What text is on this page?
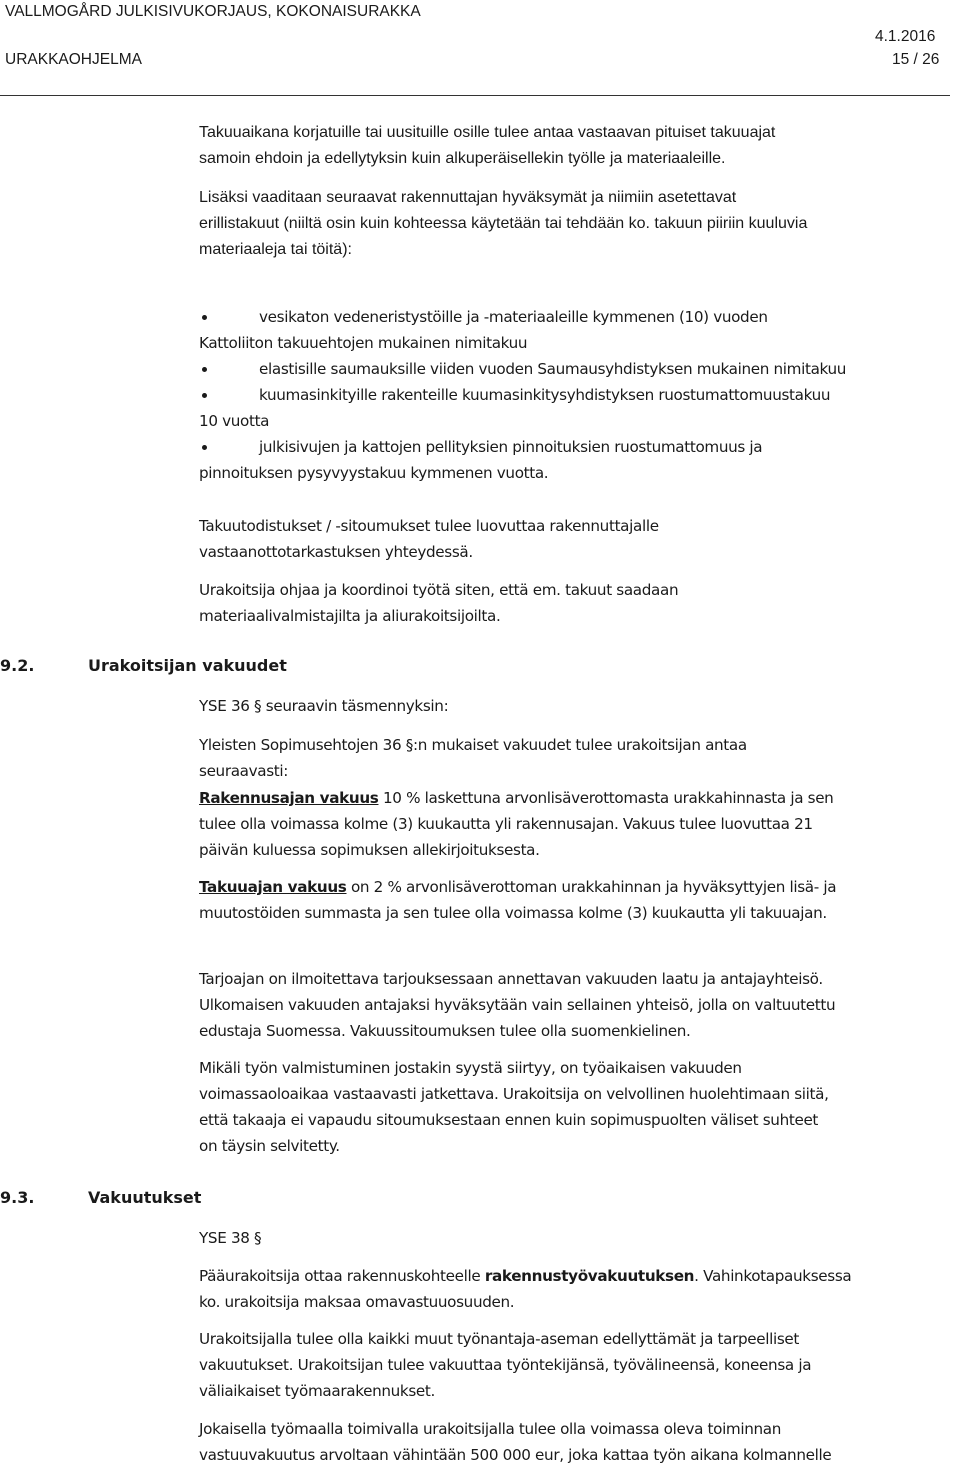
VALLMOGÅRD JULKISIVUKORJAUS, KOKONAISURAKKA
4.1.2016
URAKKAOHJELMA	15 / 26
Takuuaikana korjatuille tai uusituille osille tulee antaa vastaavan pituiset takuuajat
samoin ehdoin ja edellytyksin kuin alkuperäisellekin työlle ja materiaaleille.
Lisäksi vaaditaan seuraavat rakennuttajan hyväksymät ja niimiin asetettavat
erillistakuut (niiltä osin kuin kohteessa käytetään tai tehdään ko. takuun piiriin kuuluvia
materiaaleja tai töitä):
vesikaton vedeneristystöille ja -materiaaleille kymmenen (10) vuoden
Kattoliiton takuuehtojen mukainen nimitakuu
elastisille saumauksille viiden vuoden Saumausyhdistyksen mukainen nimitakuu
kuumasinkityille rakenteille kuumasinkitysyhdistyksen ruostumattomuustakuu
10 vuotta
julkisivujen ja kattojen pellityksien pinnoituksien ruostumattomuus ja
pinnoituksen pysyvyystakuu kymmenen vuotta.
Takuutodistukset / -sitoumukset tulee luovuttaa rakennuttajalle
vastaanottotarkastuksen yhteydessä.
Urakoitsija ohjaa ja koordinoi työtä siten, että em. takuut saadaan
materiaalivalmistajilta ja aliurakoitsijoilta.
9.2.	Urakoitsijan vakuudet
YSE 36 § seuraavin täsmennyksin:
Yleisten Sopimusehtojen 36 §:n mukaiset vakuudet tulee urakoitsijan antaa
seuraavasti:
Rakennusajan vakuus 10 % laskettuna arvonlisäverottomasta urakkahinnasta ja sen
tulee olla voimassa kolme (3) kuukautta yli rakennusajan. Vakuus tulee luovuttaa 21
päivän kuluessa sopimuksen allekirjoituksesta.
Takuuajan vakuus on 2 % arvonlisäverottoman urakkahinnan ja hyväksyttyjen lisä- ja
muutostöiden summasta ja sen tulee olla voimassa kolme (3) kuukautta yli takuuajan.
Tarjoajan on ilmoitettava tarjouksessaan annettavan vakuuden laatu ja antajayhteisö.
Ulkomaisen vakuuden antajaksi hyväksytään vain sellainen yhteisö, jolla on valtuutettu
edustaja Suomessa. Vakuussitoumuksen tulee olla suomenkielinen.
Mikäli työn valmistuminen jostakin syystä siirtyy, on työaikaisen vakuuden
voimassaoloaikaa vastaavasti jatkettava. Urakoitsija on velvollinen huolehtimaan siitä,
että takaaja ei vapaudu sitoumuksestaan ennen kuin sopimuspuolten väliset suhteet
on täysin selvitetty.
9.3.	Vakuutukset
YSE 38 §
Pääurakoitsija ottaa rakennuskohteelle rakennustyövakuutuksen. Vahinkotapauksessa
ko. urakoitsija maksaa omavastuuosuuden.
Urakoitsijalla tulee olla kaikki muut työnantaja-aseman edellyttämät ja tarpeelliset
vakuutukset. Urakoitsijan tulee vakuuttaa työntekijänsä, työvälineensä, koneensa ja
väliaikaiset työmaarakennukset.
Jokaisella työmaalla toimivalla urakoitsijalla tulee olla voimassa oleva toiminnan
vastuuvakuutus arvoltaan vähintään 500 000 eur, joka kattaa työn aikana kolmannelle
